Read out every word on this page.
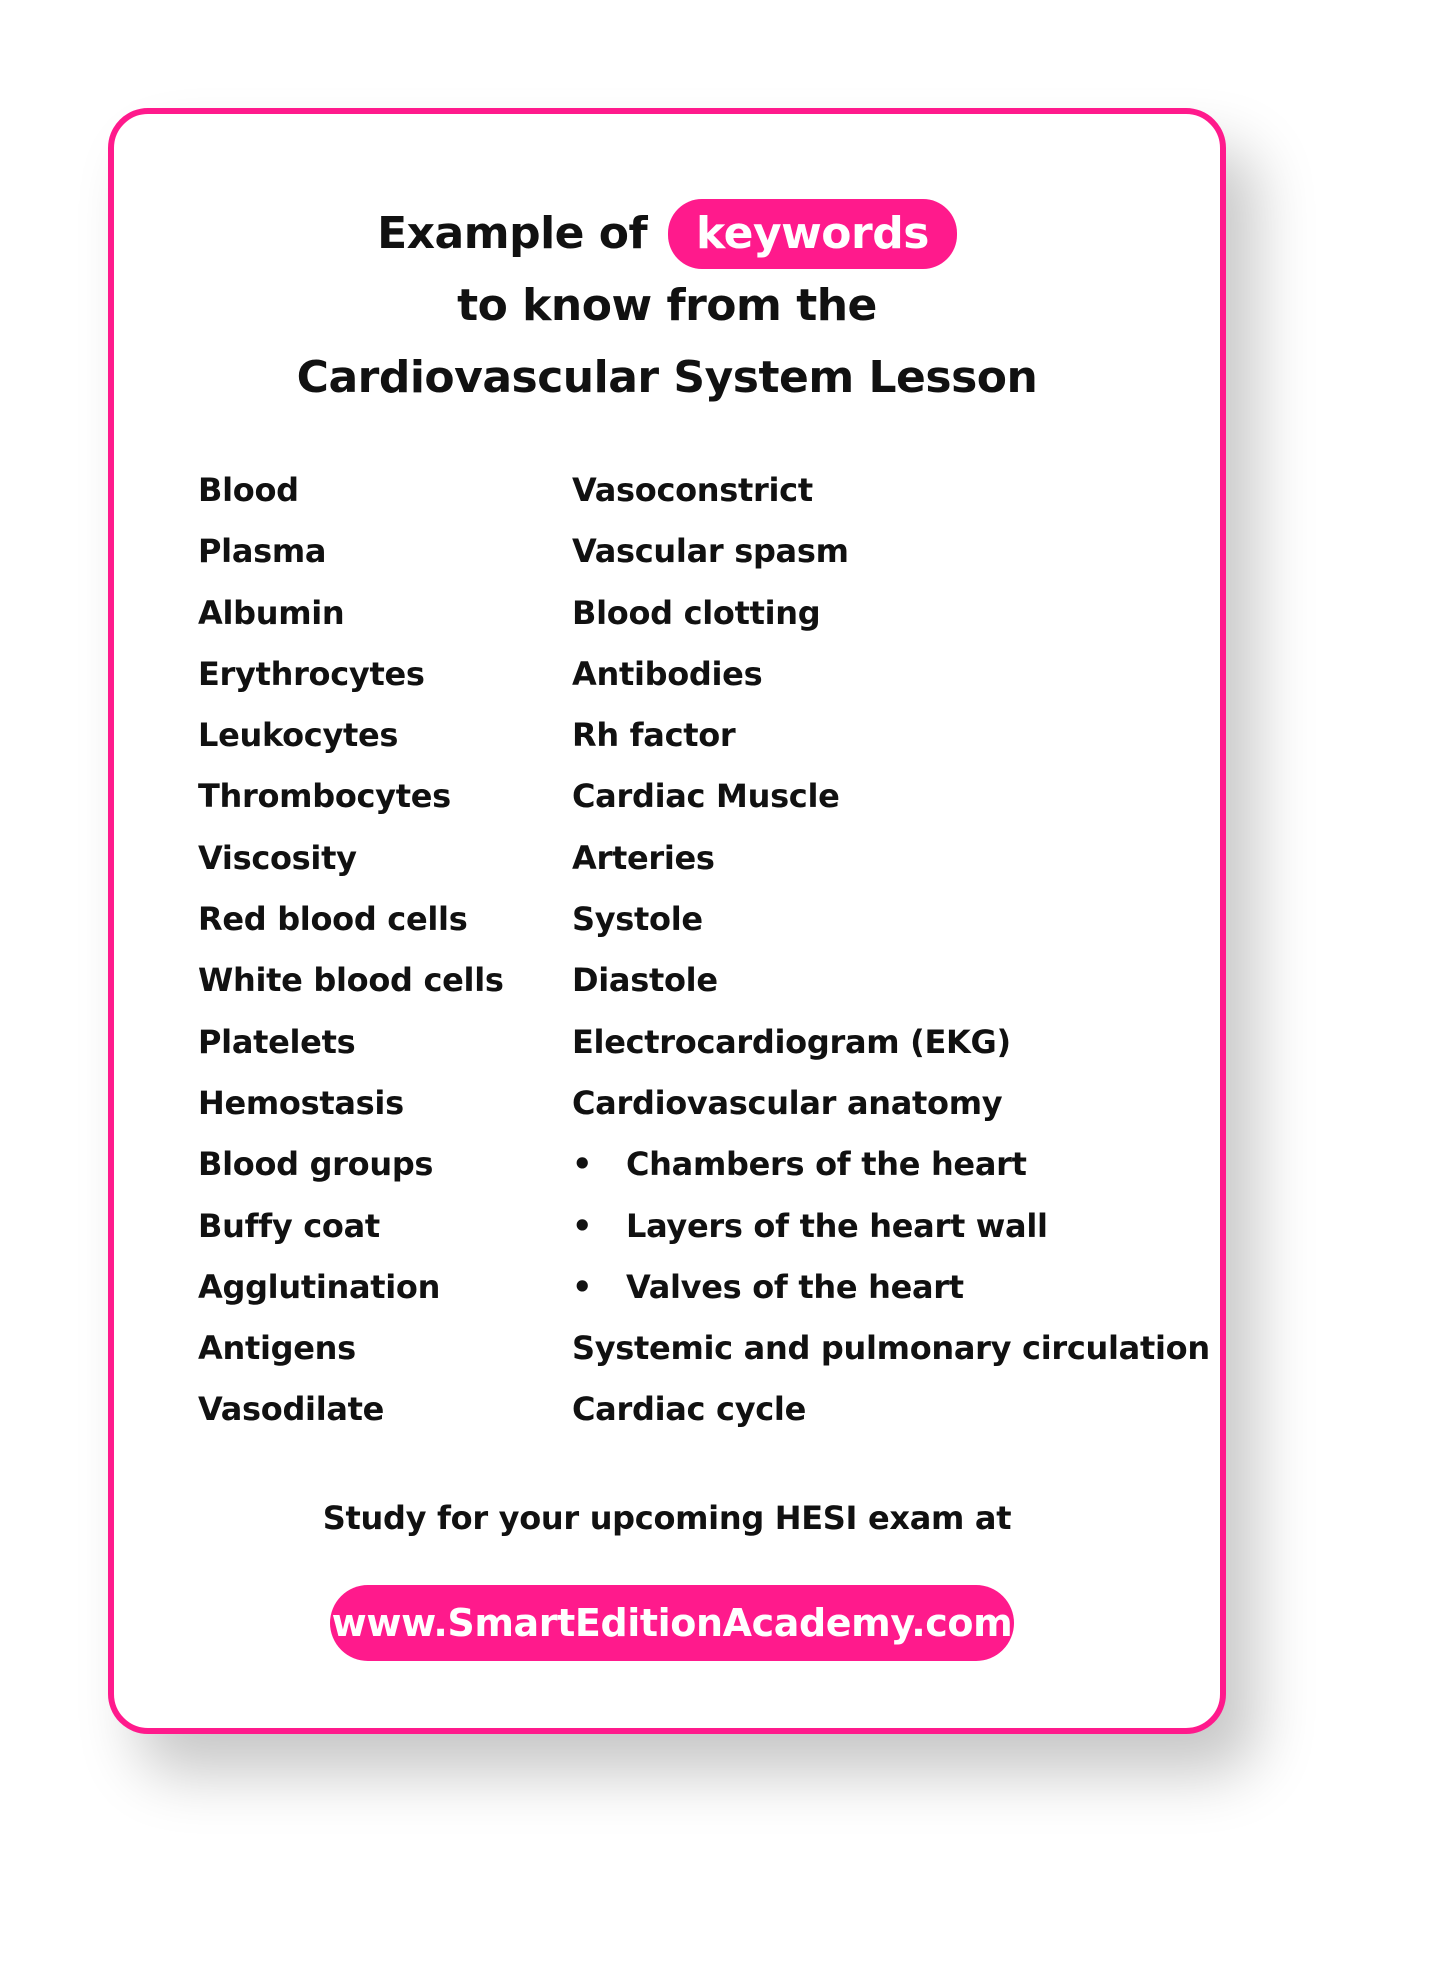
Example of keywords
to know from the
Cardiovascular System Lesson
Blood
Plasma
Albumin
Erythrocytes
Leukocytes
Thrombocytes
Viscosity
Red blood cells
White blood cells
Platelets
Hemostasis
Blood groups
Buffy coat
Agglutination
Antigens
Vasodilate
Vasoconstrict
Vascular spasm
Blood clotting
Antibodies
Rh factor
Cardiac Muscle
Arteries
Systole
Diastole
Electrocardiogram (EKG)
Cardiovascular anatomy
• Chambers of the heart
• Layers of the heart wall
• Valves of the heart
Systemic and pulmonary circulation
Cardiac cycle
Study for your upcoming HESI exam at
www.SmartEditionAcademy.com
